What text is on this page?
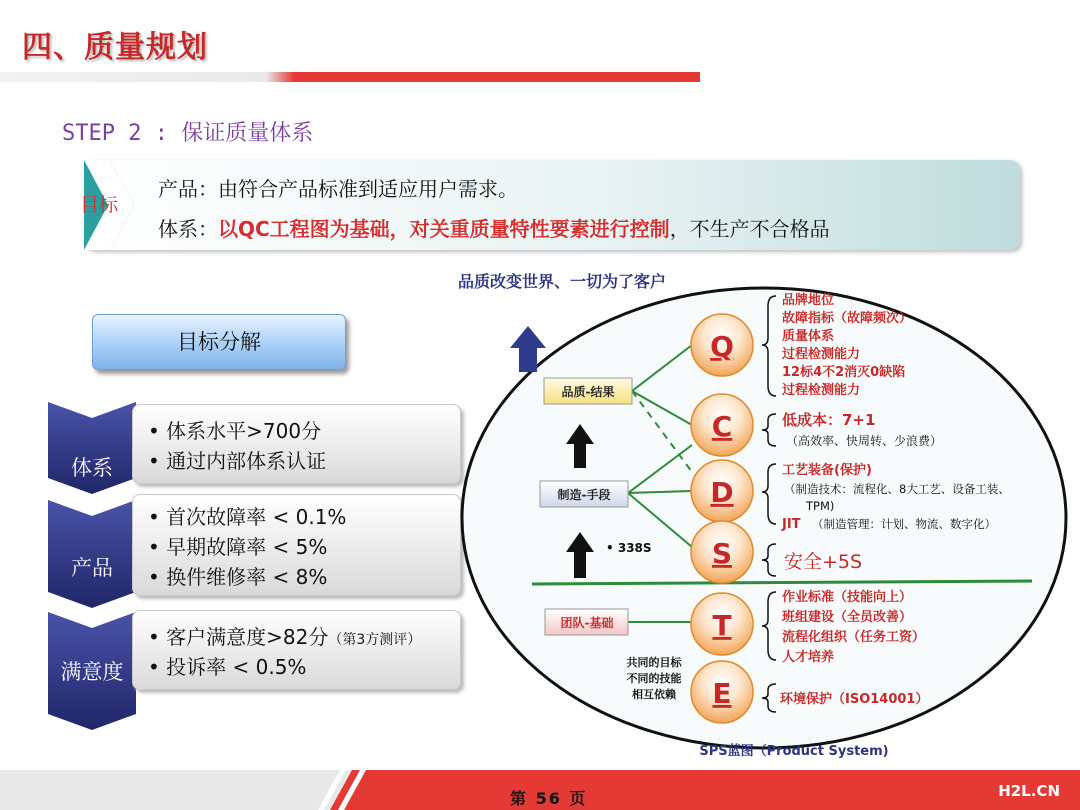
四、质量规划
STEP 2 : 保证质量体系
目标
产品：由符合产品标准到适应用户需求。
体系：以QC工程图为基础，对关重质量特性要素进行控制，不生产不合格品
目标分解
体系
• 体系水平>700分
• 通过内部体系认证
产品
• 首次故障率 < 0.1%
• 早期故障率 < 5%
• 换件维修率 < 8%
满意度
• 客户满意度>82分（第3方测评）
• 投诉率 < 0.5%
品质改变世界、一切为了客户
品质-结果
制造-手段
团队-基础
• 338S
共同的目标
不同的技能
相互依赖
Q
C
D
S
T
E
品牌地位
故障指标（故障频次）
质量体系
过程检测能力
12标4不2消灭0缺陷
过程检测能力
低成本：7+1
（高效率、快周转、少浪费）
工艺装备(保护)
（制造技术：流程化、8大工艺、设备工装、
TPM)
JIT （制造管理：计划、物流、数字化）
安全+5S
作业标准（技能向上）
班组建设（全员改善）
流程化组织（任务工资）
人才培养
环境保护（ISO14001）
SPS蓝图（Product System)
H2L.CN
第 56 页
